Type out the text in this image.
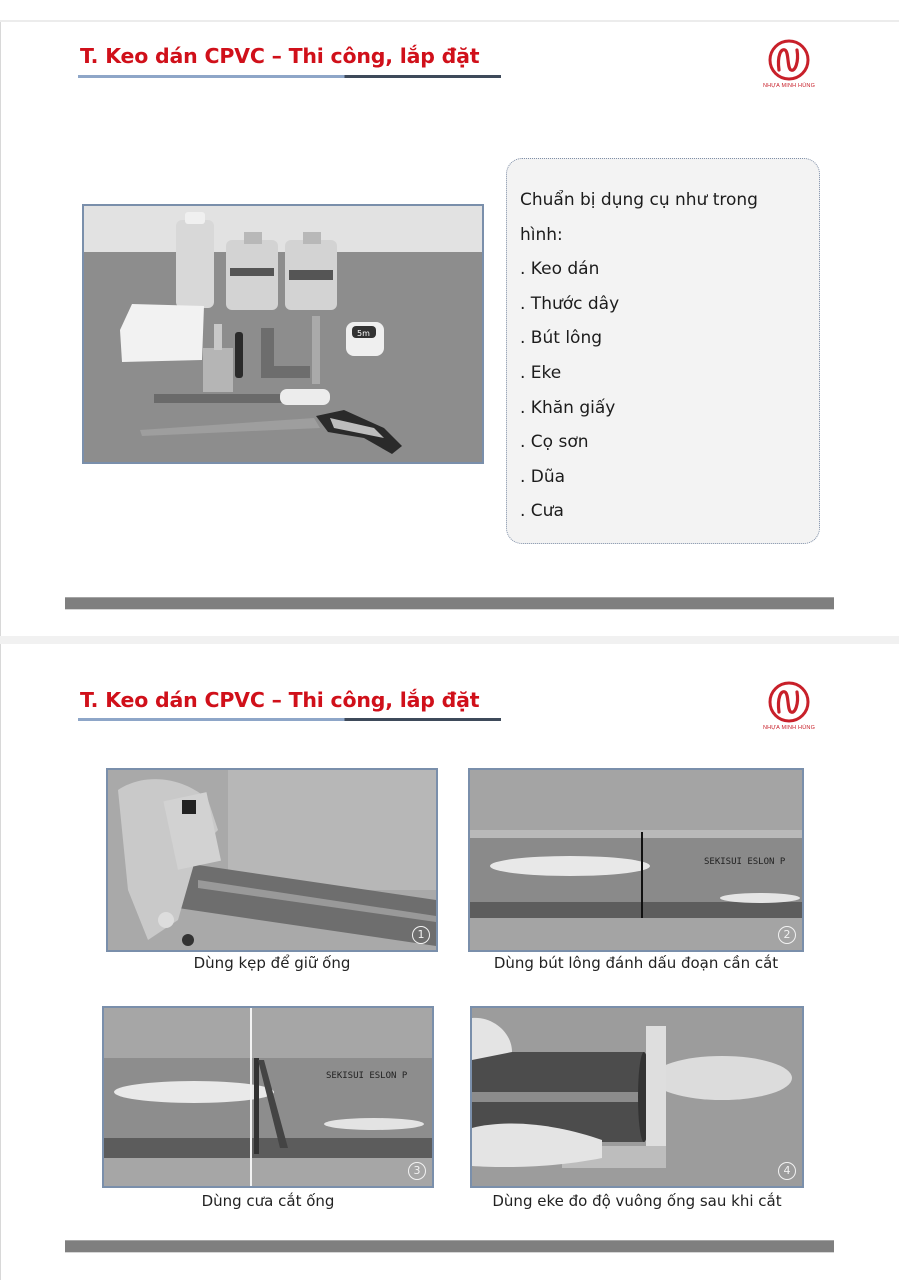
T. Keo dán CPVC – Thi công, lắp đặt
NHỰA MINH HÙNG
5m
Chuẩn bị dụng cụ như trong
hình:
. Keo dán
. Thước dây
. Bút lông
. Eke
. Khăn giấy
. Cọ sơn
. Dũa
. Cưa
T. Keo dán CPVC – Thi công, lắp đặt
NHỰA MINH HÙNG
1
Dùng kẹp để giữ ống
SEKISUI ESLON P
2
Dùng bút lông đánh dấu đoạn cần cắt
SEKISUI ESLON P
3
Dùng cưa cắt ống
4
Dùng eke đo độ vuông ống sau khi cắt
